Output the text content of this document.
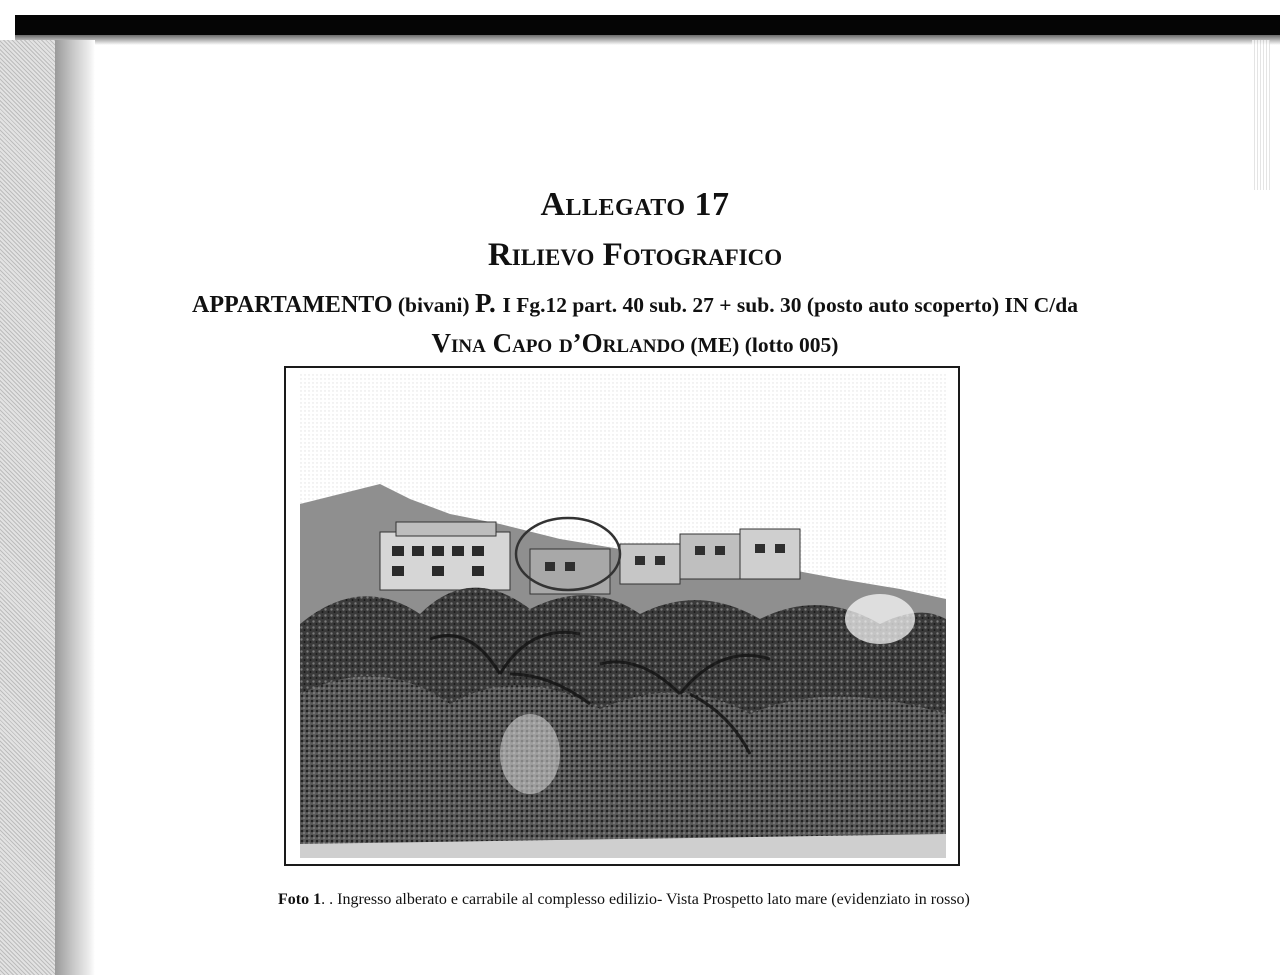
Allegato 17
Rilievo Fotografico
APPARTAMENTO (bivani) P. I Fg.12 part. 40 sub. 27 + sub. 30 (posto auto scoperto) IN C/da Vina Capo d’Orlando (ME) (lotto 005)
Foto 1. . Ingresso alberato e carrabile al complesso edilizio- Vista Prospetto lato mare (evidenziato in rosso)
